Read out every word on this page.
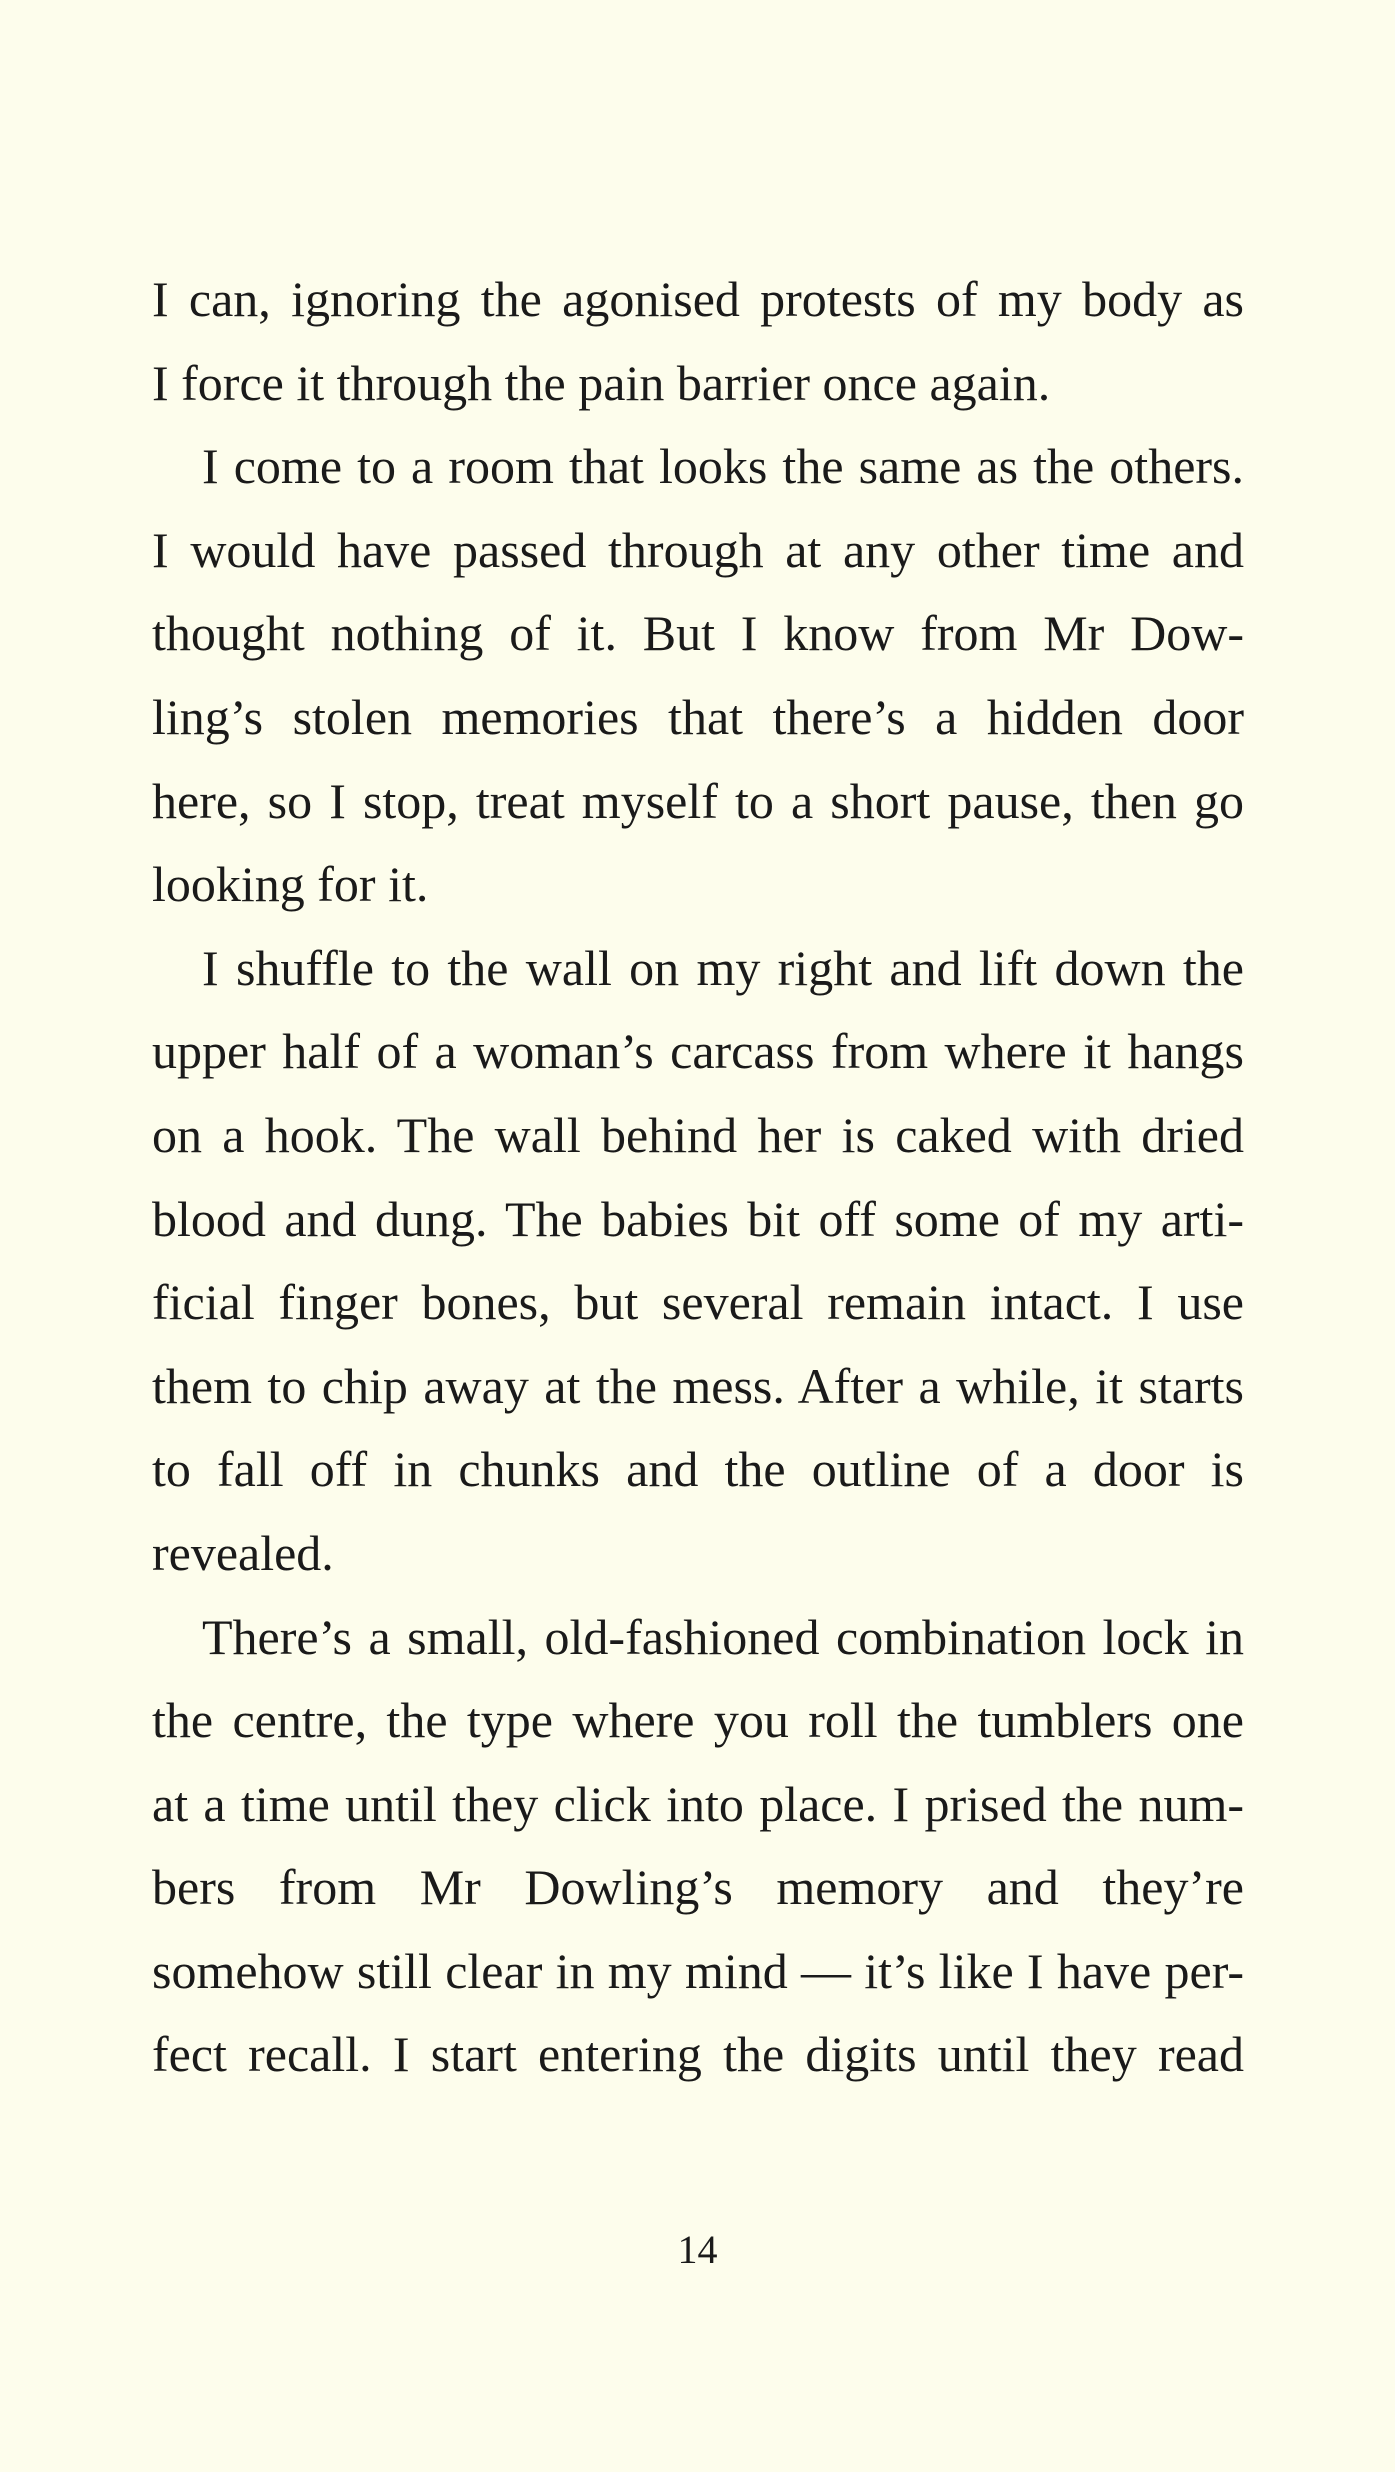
I can, ignoring the agonised protests of my body as
I force it through the pain barrier once again.
I come to a room that looks the same as the others.
I would have passed through at any other time and
thought nothing of it. But I know from Mr Dow-
ling’s stolen memories that there’s a hidden door
here, so I stop, treat myself to a short pause, then go
looking for it.
I shuffle to the wall on my right and lift down the
upper half of a woman’s carcass from where it hangs
on a hook. The wall behind her is caked with dried
blood and dung. The babies bit off some of my arti-
ficial finger bones, but several remain intact. I use
them to chip away at the mess. After a while, it starts
to fall off in chunks and the outline of a door is
revealed.
There’s a small, old-fashioned combination lock in
the centre, the type where you roll the tumblers one
at a time until they click into place. I prised the num-
bers from Mr Dowling’s memory and they’re
somehow still clear in my mind — it’s like I have per-
fect recall. I start entering the digits until they read
14
